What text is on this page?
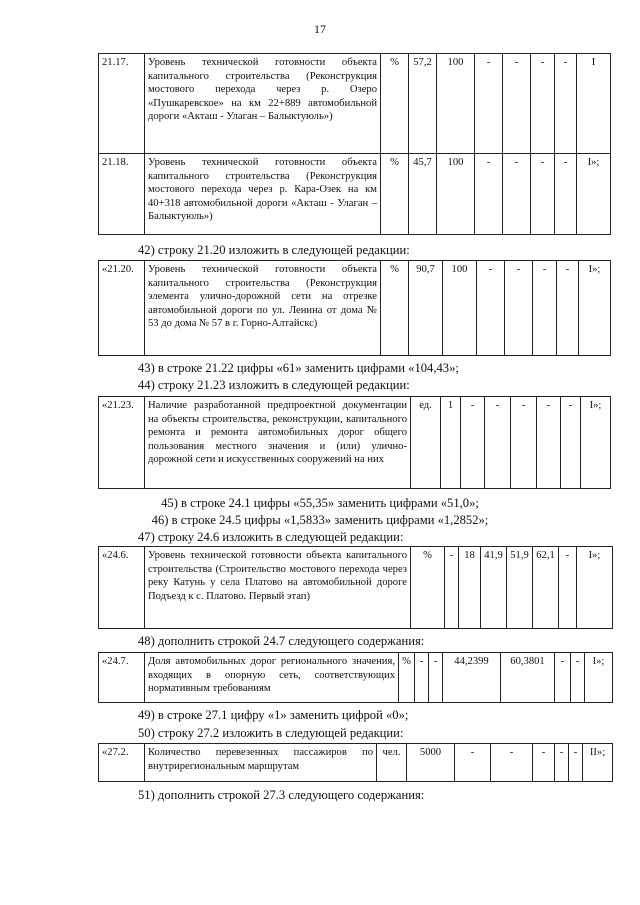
17
21.17.	Уровень технической готовности объекта капитального строительства (Реконструкция мостового перехода через р. Озеро «Пушкаревское» на км 22+889 автомобильной дороги «Акташ - Улаган – Балыктуюль»)	%	57,2	100	-	-	-	-	I
21.18.	Уровень технической готовности объекта капитального строительства (Реконструкция мостового перехода через р. Кара-Озек на км 40+318 автомобильной дороги «Акташ - Улаган – Балыктуюль»)	%	45,7	100	-	-	-	-	I»;
42) строку 21.20 изложить в следующей редакции:
«21.20.	Уровень технической готовности объекта капитального строительства (Реконструкция элемента улично-дорожной сети на отрезке автомобильной дороги по ул. Ленина от дома № 53 до дома № 57 в г. Горно-Алтайскс)	%	90,7	100	-	-	-	-	I»;
43) в строке 21.22 цифры «61» заменить цифрами «104,43»;
44) строку 21.23 изложить в следующей редакции:
«21.23.	Наличие разработанной предпроектной документации на объекты строительства, реконструкции, капитального ремонта и ремонта автомобильных дорог общего пользования местного значения и (или) улично-дорожной сети и искусственных сооружений на них	ед.	1	-	-	-	-	-	I»;
45) в строке 24.1 цифры «55,35» заменить цифрами «51,0»;
46) в строке 24.5 цифры «1,5833» заменить цифрами «1,2852»;
47) строку 24.6 изложить в следующей редакции:
«24.6.	Уровень технической готовности объекта капитального строительства (Строительство мостового перехода через реку Катунь у села Платово на автомобильной дороге Подъезд к с. Платово. Первый этап)	%	-	18	41,9	51,9	62,1	-	I»;
48) дополнить строкой 24.7 следующего содержания:
«24.7.	Доля автомобильных дорог регионального значения, входящих в опорную сеть, соответствующих нормативным требованиям	%	-	-	44,2399	60,3801	-	-	I»;
49) в строке 27.1 цифру «1» заменить цифрой «0»;
50) строку 27.2 изложить в следующей редакции:
«27.2.	Количество перевезенных пассажиров по внутрирегиональным маршрутам	чел.	5000	-	-	-	-	-	II»;
51) дополнить строкой 27.3 следующего содержания:
